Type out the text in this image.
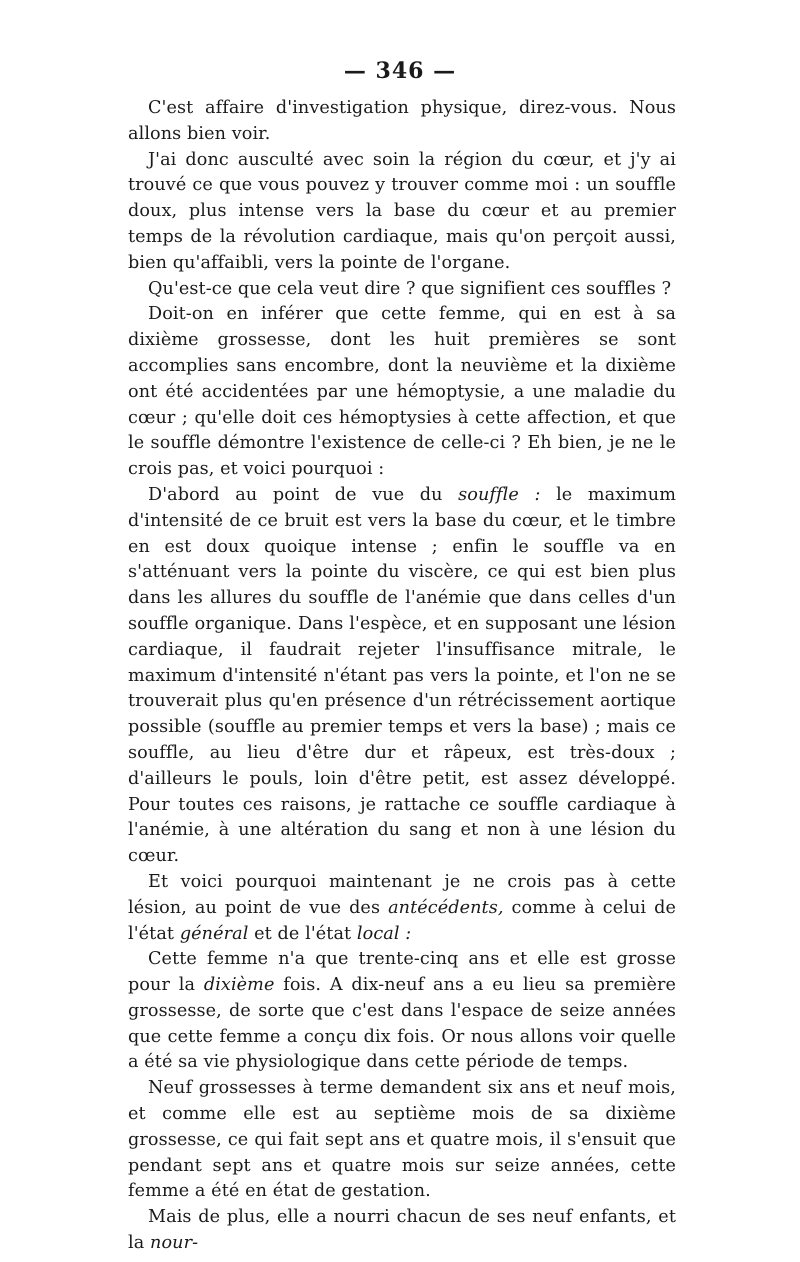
— 346 —

C'est affaire d'investigation physique, direz-vous. Nous allons bien voir.

J'ai donc ausculté avec soin la région du cœur, et j'y ai trouvé ce que vous pouvez y trouver comme moi : un souffle doux, plus intense vers la base du cœur et au premier temps de la révolution cardiaque, mais qu'on perçoit aussi, bien qu'affaibli, vers la pointe de l'organe.

Qu'est-ce que cela veut dire ? que signifient ces souffles ?

Doit-on en inférer que cette femme, qui en est à sa dixième grossesse, dont les huit premières se sont accomplies sans encombre, dont la neuvième et la dixième ont été accidentées par une hémoptysie, a une maladie du cœur ; qu'elle doit ces hémoptysies à cette affection, et que le souffle démontre l'existence de celle-ci ? Eh bien, je ne le crois pas, et voici pourquoi :

D'abord au point de vue du souffle : le maximum d'intensité de ce bruit est vers la base du cœur, et le timbre en est doux quoique intense ; enfin le souffle va en s'atténuant vers la pointe du viscère, ce qui est bien plus dans les allures du souffle de l'anémie que dans celles d'un souffle organique. Dans l'espèce, et en supposant une lésion cardiaque, il faudrait rejeter l'insuffisance mitrale, le maximum d'intensité n'étant pas vers la pointe, et l'on ne se trouverait plus qu'en présence d'un rétrécissement aortique possible (souffle au premier temps et vers la base) ; mais ce souffle, au lieu d'être dur et râpeux, est très-doux ; d'ailleurs le pouls, loin d'être petit, est assez développé. Pour toutes ces raisons, je rattache ce souffle cardiaque à l'anémie, à une altération du sang et non à une lésion du cœur.

Et voici pourquoi maintenant je ne crois pas à cette lésion, au point de vue des antécédents, comme à celui de l'état général et de l'état local :

Cette femme n'a que trente-cinq ans et elle est grosse pour la dixième fois. A dix-neuf ans a eu lieu sa première grossesse, de sorte que c'est dans l'espace de seize années que cette femme a conçu dix fois. Or nous allons voir quelle a été sa vie physiologique dans cette période de temps.

Neuf grossesses à terme demandent six ans et neuf mois, et comme elle est au septième mois de sa dixième grossesse, ce qui fait sept ans et quatre mois, il s'ensuit que pendant sept ans et quatre mois sur seize années, cette femme a été en état de gestation.

Mais de plus, elle a nourri chacun de ses neuf enfants, et la nour-
